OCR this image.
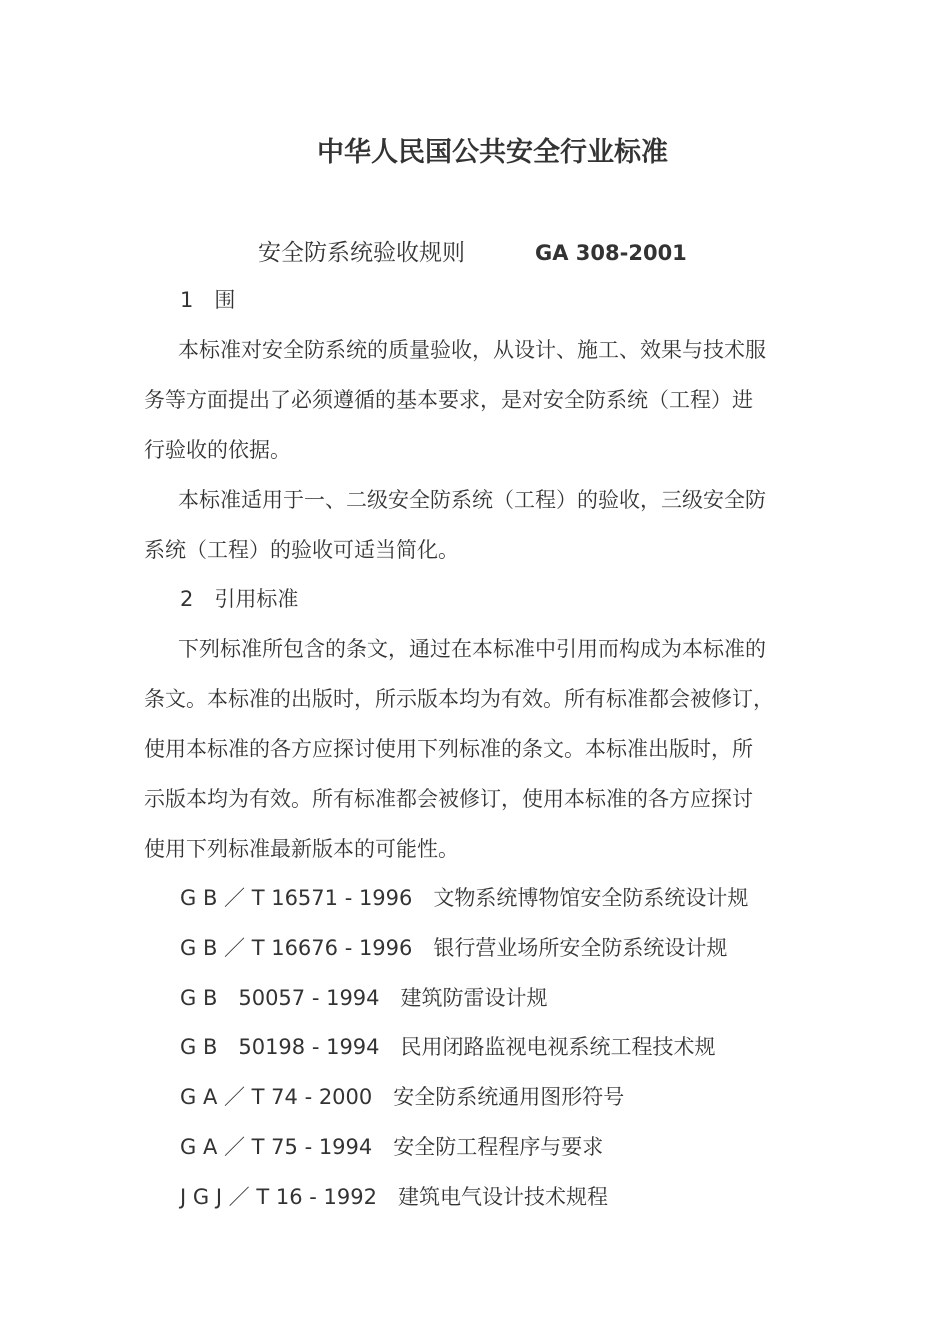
中华人民国公共安全行业标准
安全防系统验收规则	GA 308-2001
1　围
本标准对安全防系统的质量验收，从设计、施工、效果与技术服
务等方面提出了必须遵循的基本要求，是对安全防系统（工程）进
行验收的依据。
本标准适用于一、二级安全防系统（工程）的验收，三级安全防
系统（工程）的验收可适当简化。
2　引用标准
下列标准所包含的条文，通过在本标准中引用而构成为本标准的
条文。本标准的出版时，所示版本均为有效。所有标准都会被修订，
使用本标准的各方应探讨使用下列标准的条文。本标准出版时，所
示版本均为有效。所有标准都会被修订，使用本标准的各方应探讨
使用下列标准最新版本的可能性。
G B ／ T 16571 - 1996　文物系统博物馆安全防系统设计规
G B ／ T 16676 - 1996　银行营业场所安全防系统设计规
G B　50057 - 1994　建筑防雷设计规
G B　50198 - 1994　民用闭路监视电视系统工程技术规
G A ／ T 74 - 2000　安全防系统通用图形符号
G A ／ T 75 - 1994　安全防工程程序与要求
J G J ／ T 16 - 1992　建筑电气设计技术规程
